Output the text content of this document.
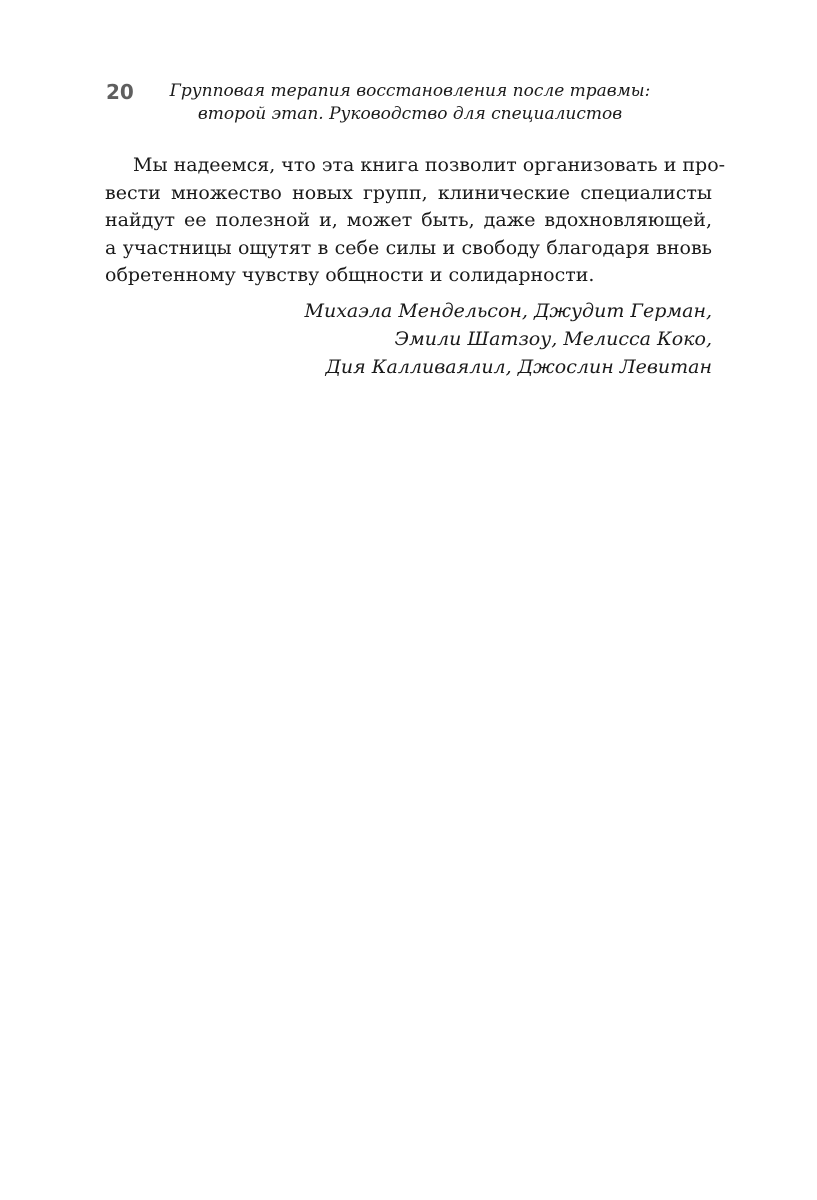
20	Групповая терапия восстановления после травмы:
второй этап. Руководство для специалистов
Мы надеемся, что эта книга позволит организовать и про-
вести множество новых групп, клинические специалисты
найдут ее полезной и, может быть, даже вдохновляющей,
а участницы ощутят в себе силы и свободу благодаря вновь
обретенному чувству общности и солидарности.
Михаэла Мендельсон, Джудит Герман,
Эмили Шатзоу, Мелисса Коко,
Дия Калливаялил, Джослин Левитан
